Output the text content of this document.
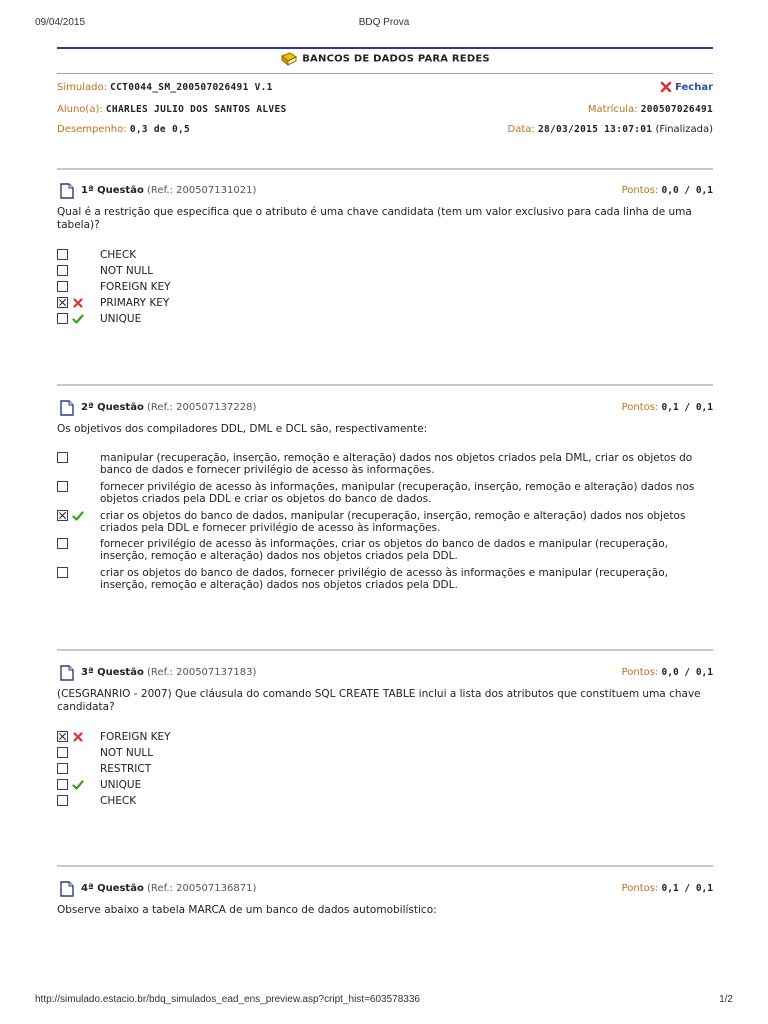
09/04/2015	BDQ Prova
BANCOS DE DADOS PARA REDES
Simulado: CCT0044_SM_200507026491 V.1	Fechar
Aluno(a): CHARLES JULIO DOS SANTOS ALVES	Matrícula: 200507026491
Desempenho: 0,3 de 0,5	Data: 28/03/2015 13:07:01 (Finalizada)
1ª Questão (Ref.: 200507131021)	Pontos: 0,0 / 0,1
Qual é a restrição que especifica que o atributo é uma chave candidata (tem um valor exclusivo para cada linha de uma tabela)?
CHECK
NOT NULL
FOREIGN KEY
PRIMARY KEY
UNIQUE
2ª Questão (Ref.: 200507137228)	Pontos: 0,1 / 0,1
Os objetivos dos compiladores DDL, DML e DCL são, respectivamente:
manipular (recuperação, inserção, remoção e alteração) dados nos objetos criados pela DML, criar os objetos do banco de dados e fornecer privilégio de acesso às informações.
fornecer privilégio de acesso às informações, manipular (recuperação, inserção, remoção e alteração) dados nos objetos criados pela DDL e criar os objetos do banco de dados.
criar os objetos do banco de dados, manipular (recuperação, inserção, remoção e alteração) dados nos objetos criados pela DDL e fornecer privilégio de acesso às informações.
fornecer privilégio de acesso às informações, criar os objetos do banco de dados e manipular (recuperação, inserção, remoção e alteração) dados nos objetos criados pela DDL.
criar os objetos do banco de dados, fornecer privilégio de acesso às informações e manipular (recuperação, inserção, remoção e alteração) dados nos objetos criados pela DDL.
3ª Questão (Ref.: 200507137183)	Pontos: 0,0 / 0,1
(CESGRANRIO - 2007) Que cláusula do comando SQL CREATE TABLE inclui a lista dos atributos que constituem uma chave candidata?
FOREIGN KEY
NOT NULL
RESTRICT
UNIQUE
CHECK
4ª Questão (Ref.: 200507136871)	Pontos: 0,1 / 0,1
Observe abaixo a tabela MARCA de um banco de dados automobilístico:
http://simulado.estacio.br/bdq_simulados_ead_ens_preview.asp?cript_hist=603578336	1/2
